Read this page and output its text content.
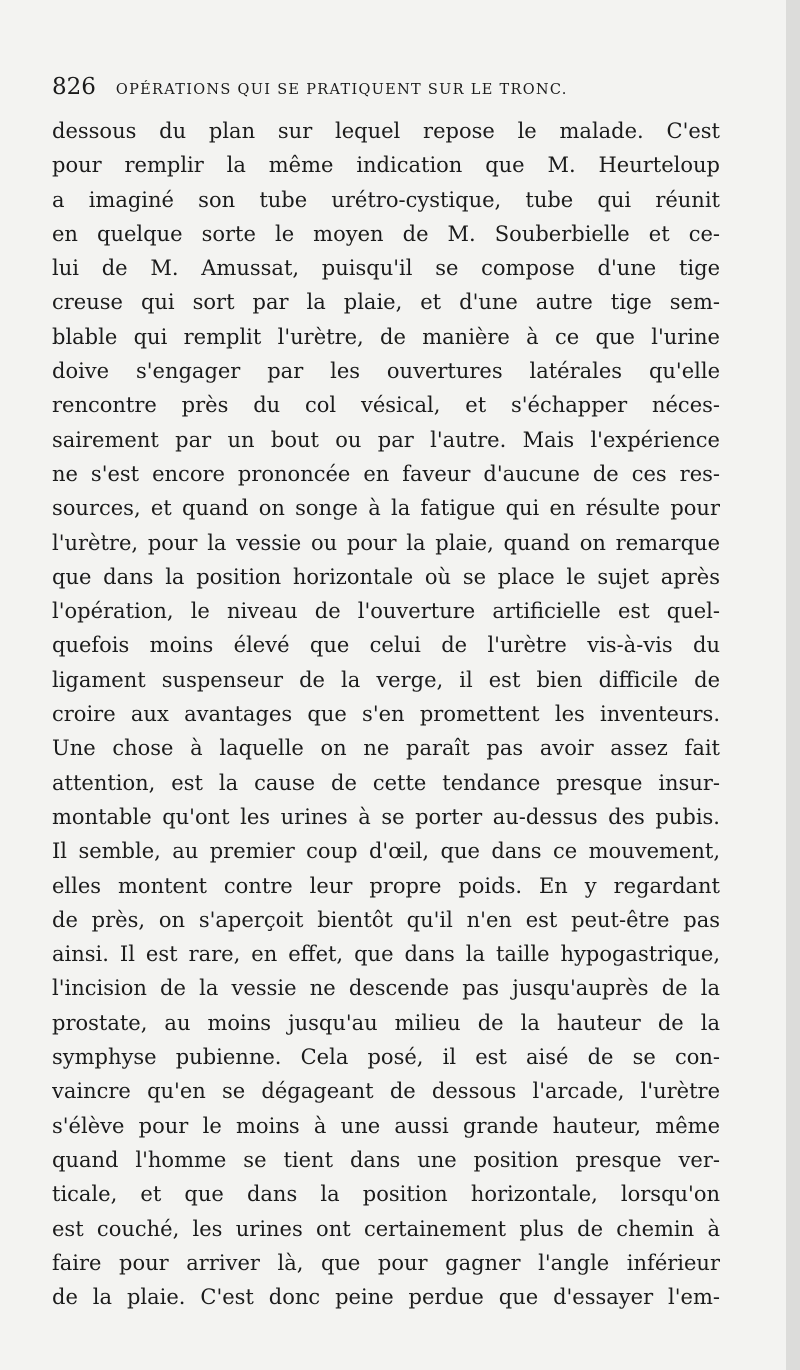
826 OPÉRATIONS QUI SE PRATIQUENT SUR LE TRONC.
dessous du plan sur lequel repose le malade. C'est
pour remplir la même indication que M. Heurteloup
a imaginé son tube urétro-cystique, tube qui réunit
en quelque sorte le moyen de M. Souberbielle et ce-
lui de M. Amussat, puisqu'il se compose d'une tige
creuse qui sort par la plaie, et d'une autre tige sem-
blable qui remplit l'urètre, de manière à ce que l'urine
doive s'engager par les ouvertures latérales qu'elle
rencontre près du col vésical, et s'échapper néces-
sairement par un bout ou par l'autre. Mais l'expérience
ne s'est encore prononcée en faveur d'aucune de ces res-
sources, et quand on songe à la fatigue qui en résulte pour
l'urètre, pour la vessie ou pour la plaie, quand on remarque
que dans la position horizontale où se place le sujet après
l'opération, le niveau de l'ouverture artificielle est quel-
quefois moins élevé que celui de l'urètre vis-à-vis du
ligament suspenseur de la verge, il est bien difficile de
croire aux avantages que s'en promettent les inventeurs.
Une chose à laquelle on ne paraît pas avoir assez fait
attention, est la cause de cette tendance presque insur-
montable qu'ont les urines à se porter au-dessus des pubis.
Il semble, au premier coup d'œil, que dans ce mouvement,
elles montent contre leur propre poids. En y regardant
de près, on s'aperçoit bientôt qu'il n'en est peut-être pas
ainsi. Il est rare, en effet, que dans la taille hypogastrique,
l'incision de la vessie ne descende pas jusqu'auprès de la
prostate, au moins jusqu'au milieu de la hauteur de la
symphyse pubienne. Cela posé, il est aisé de se con-
vaincre qu'en se dégageant de dessous l'arcade, l'urètre
s'élève pour le moins à une aussi grande hauteur, même
quand l'homme se tient dans une position presque ver-
ticale, et que dans la position horizontale, lorsqu'on
est couché, les urines ont certainement plus de chemin à
faire pour arriver là, que pour gagner l'angle inférieur
de la plaie. C'est donc peine perdue que d'essayer l'em-
